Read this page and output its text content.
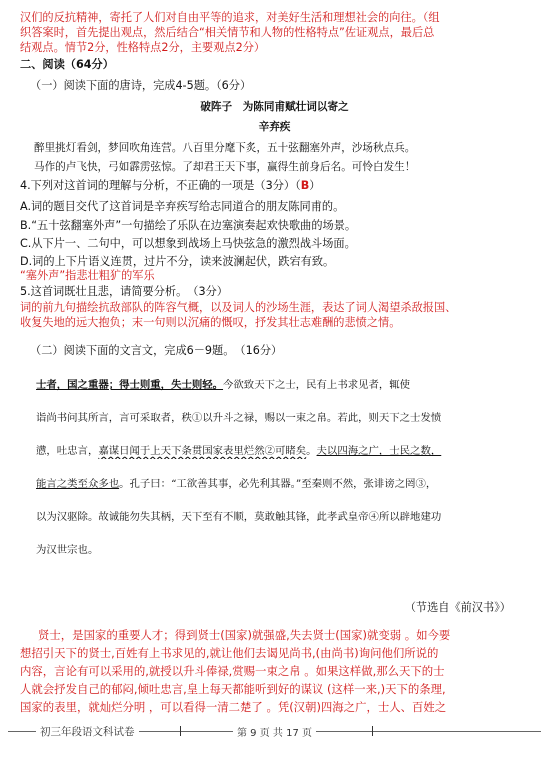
汉们的反抗精神，寄托了人们对自由平等的追求，对美好生活和理想社会的向往。（组
织答案时，首先提出观点，然后结合“相关情节和人物的性格特点”佐证观点，最后总
结观点。情节2分，性格特点2分，主要观点2分）
二、阅读（64分）
（一）阅读下面的唐诗，完成4-5题。（6分）
破阵子　为陈同甫赋壮词以寄之
辛弃疾
醉里挑灯看剑，梦回吹角连营。八百里分麾下炙，五十弦翻塞外声，沙场秋点兵。
马作的卢飞快，弓如霹雳弦惊。了却君王天下事，赢得生前身后名。可怜白发生！
4.下列对这首词的理解与分析，不正确的一项是（3分）（B）
A.词的题目交代了这首词是辛弃疾写给志同道合的朋友陈同甫的。
B.“五十弦翻塞外声”一句描绘了乐队在边塞演奏起欢快歌曲的场景。
C.从下片一、二句中，可以想象到战场上马快弦急的激烈战斗场面。
D.词的上下片语义连贯，过片不分，读来波澜起伏，跌宕有致。
“塞外声”指悲壮粗犷的军乐
5.这首词既壮且悲，请简要分析。　（3分）
词的前九句描绘抗敌部队的阵容气概，以及词人的沙场生涯，表达了词人渴望杀敌报国、
收复失地的远大抱负；末一句则以沉痛的慨叹，抒发其壮志难酬的悲愤之情。
（二）阅读下面的文言文，完成6－9题。　（16分）
士者，国之重器；得士则重，失士则轻。今欲致天下之士，民有上书求见者，辄使
诣尚书问其所言，言可采取者，秩①以升斗之禄，赐以一束之帛。若此，则天下之士发愤
懑，吐忠言，嘉谋日闻于上天下条贯国家表里烂然②可睹矣。夫以四海之广，士民之数，
能言之类至众多也。孔子曰：“工欲善其事，必先利其器。”至秦则不然，张诽谤之罔③，
以为汉驱除。故诚能勿失其柄，天下至有不顺，莫敢触其锋，此孝武皇帝④所以辟地建功
为汉世宗也。
（节选自《前汉书》）
贤士，是国家的重要人才；得到贤士(国家)就强盛,失去贤士(国家)就变弱 。如今要
想招引天下的贤士,百姓有上书求见的,就让他们去谒见尚书,(由尚书)询问他们所说的
内容，言论有可以采用的,就授以升斗俸禄,赏赐一束之帛 。如果这样做,那么天下的士
人就会抒发自己的郁闷,倾吐忠言,皇上每天都能听到好的谋议 (这样一来,)天下的条理,
国家的表里，就灿烂分明 ，可以看得一清二楚了 。凭(汉朝)四海之广，士人、百姓之
初三年段语文科试卷	第 9 页 共 17 页
